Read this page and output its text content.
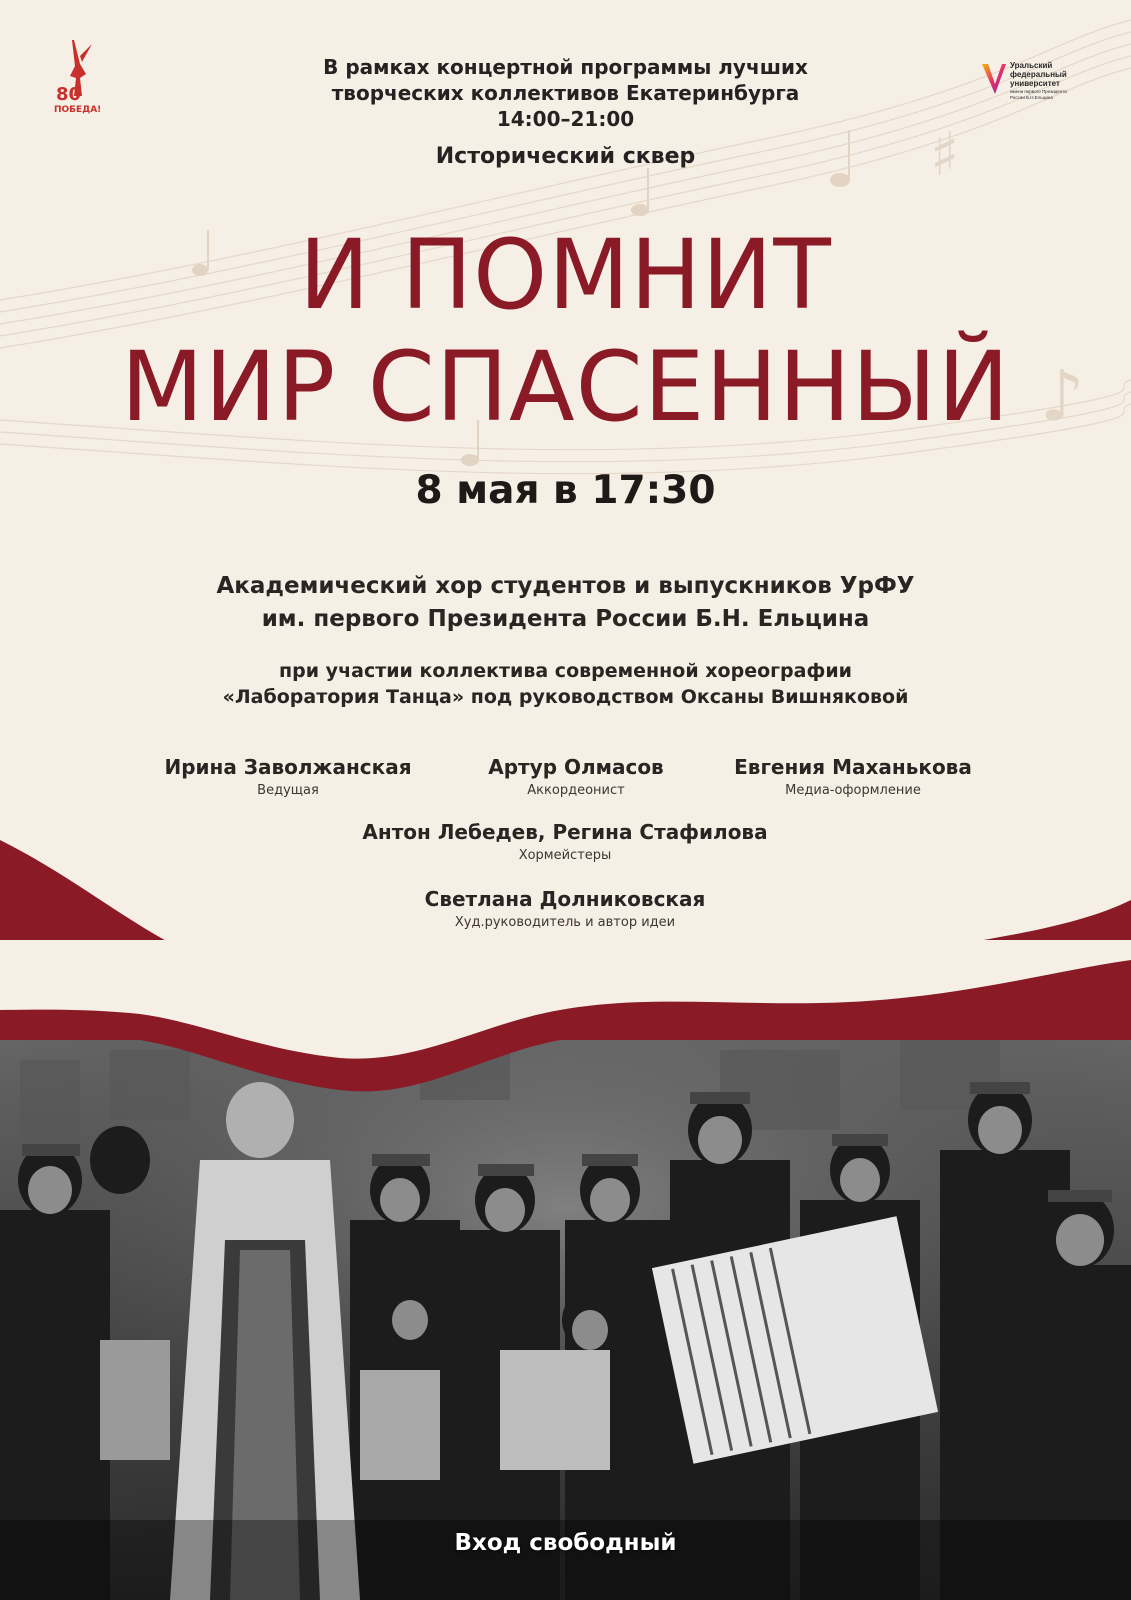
♯
♪
80
ПОБЕДА!
Уральский
федеральный
университет
имени первого Президента
России Б.Н.Ельцина
В рамках концертной программы лучших
творческих коллективов Екатеринбурга
14:00–21:00
Исторический сквер
И ПОМНИТ
МИР СПАСЕННЫЙ
8 мая в 17:30
Академический хор студентов и выпускников УрФУ
им. первого Президента России Б.Н. Ельцина
при участии коллектива современной хореографии
«Лаборатория Танца» под руководством Оксаны Вишняковой
Ирина Заволжанская
Ведущая
Артур Олмасов
Аккордеонист
Евгения Маханькова
Медиа-оформление
Антон Лебедев, Регина Стафилова
Хормейстеры
Светлана Долниковская
Худ.руководитель и автор идеи
Вход свободный
